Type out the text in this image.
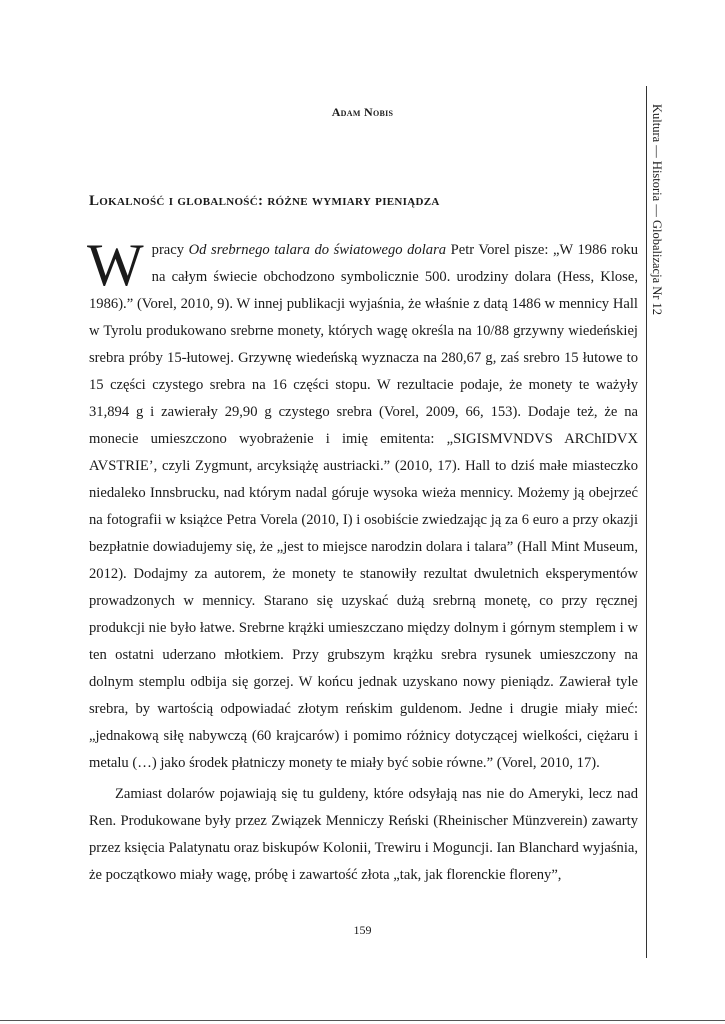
Adam Nobis	Kultura — Historia — Globalizacja Nr 12
Lokalność i globalność: różne wymiary pieniądza

W pracy Od srebrnego talara do światowego dolara Petr Vorel pisze: „W 1986 roku na całym świecie obchodzono symbolicznie 500. urodziny dolara (Hess, Klose, 1986).” (Vorel, 2010, 9). W innej publikacji wyjaśnia, że właśnie z datą 1486 w mennicy Hall w Tyrolu produkowano srebrne monety, których wagę określa na 10/88 grzywny wiedeńskiej srebra próby 15-łutowej. Grzywnę wiedeńską wyznacza na 280,67 g, zaś srebro 15 łutowe to 15 części czystego srebra na 16 części stopu. W rezultacie podaje, że monety te ważyły 31,894 g i zawierały 29,90 g czystego srebra (Vorel, 2009, 66, 153). Dodaje też, że na monecie umieszczono wyobrażenie i imię emitenta: „SIGISMVNDVS ARChIDVX AVSTRIE’, czyli Zygmunt, arcyksiążę austriacki.” (2010, 17). Hall to dziś małe miasteczko niedaleko Innsbrucku, nad którym nadal góruje wysoka wieża mennicy. Możemy ją obejrzeć na fotografii w książce Petra Vorela (2010, I) i osobiście zwiedzając ją za 6 euro a przy okazji bezpłatnie dowiadujemy się, że „jest to miejsce narodzin dolara i talara” (Hall Mint Museum, 2012). Dodajmy za autorem, że monety te stanowiły rezultat dwuletnich eksperymentów prowadzonych w mennicy. Starano się uzyskać dużą srebrną monetę, co przy ręcznej produkcji nie było łatwe. Srebrne krążki umieszczano między dolnym i górnym stemplem i w ten ostatni uderzano młotkiem. Przy grubszym krążku srebra rysunek umieszczony na dolnym stemplu odbija się gorzej. W końcu jednak uzyskano nowy pieniądz. Zawierał tyle srebra, by wartością odpowiadać złotym reńskim guldenom. Jedne i drugie miały mieć: „jednakową siłę nabywczą (60 krajcarów) i pomimo różnicy dotyczącej wielkości, ciężaru i metalu (…) jako środek płatniczy monety te miały być sobie równe.” (Vorel, 2010, 17).

Zamiast dolarów pojawiają się tu guldeny, które odsyłają nas nie do Ameryki, lecz nad Ren. Produkowane były przez Związek Menniczy Reński (Rheinischer Münzverein) zawarty przez księcia Palatynatu oraz biskupów Kolonii, Trewiru i Moguncji. Ian Blanchard wyjaśnia, że początkowo miały wagę, próbę i zawartość złota „tak, jak florenckie floreny”,

159
